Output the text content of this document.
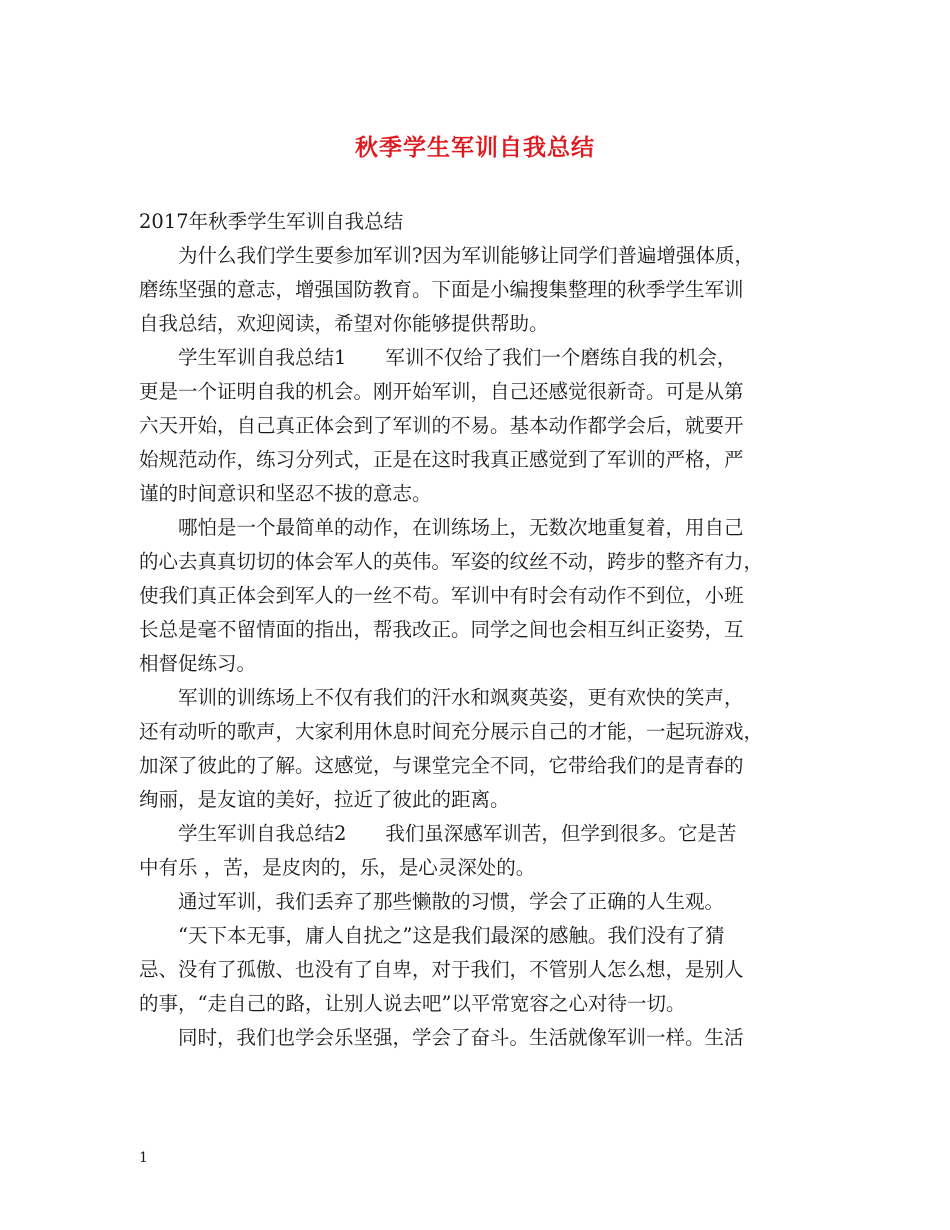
秋季学生军训自我总结
2017年秋季学生军训自我总结
　　为什么我们学生要参加军训?因为军训能够让同学们普遍增强体质，
磨练坚强的意志，增强国防教育。下面是小编搜集整理的秋季学生军训
自我总结，欢迎阅读，希望对你能够提供帮助。
　　学生军训自我总结1　　军训不仅给了我们一个磨练自我的机会，
更是一个证明自我的机会。刚开始军训，自己还感觉很新奇。可是从第
六天开始，自己真正体会到了军训的不易。基本动作都学会后，就要开
始规范动作，练习分列式，正是在这时我真正感觉到了军训的严格，严
谨的时间意识和坚忍不拔的意志。
　　哪怕是一个最简单的动作，在训练场上，无数次地重复着，用自己
的心去真真切切的体会军人的英伟。军姿的纹丝不动，跨步的整齐有力，
使我们真正体会到军人的一丝不苟。军训中有时会有动作不到位，小班
长总是毫不留情面的指出，帮我改正。同学之间也会相互纠正姿势，互
相督促练习。
　　军训的训练场上不仅有我们的汗水和飒爽英姿，更有欢快的笑声，
还有动听的歌声，大家利用休息时间充分展示自己的才能，一起玩游戏，
加深了彼此的了解。这感觉，与课堂完全不同，它带给我们的是青春的
绚丽，是友谊的美好，拉近了彼此的距离。
　　学生军训自我总结2　　我们虽深感军训苦，但学到很多。它是苦
中有乐 ，苦，是皮肉的，乐，是心灵深处的。
　　通过军训，我们丢弃了那些懒散的习惯，学会了正确的人生观。
　　“天下本无事，庸人自扰之”这是我们最深的感触。我们没有了猜
忌、没有了孤傲、也没有了自卑，对于我们，不管别人怎么想，是别人
的事，“走自己的路，让别人说去吧”以平常宽容之心对待一切。
　　同时，我们也学会乐坚强，学会了奋斗。生活就像军训一样。生活
1
